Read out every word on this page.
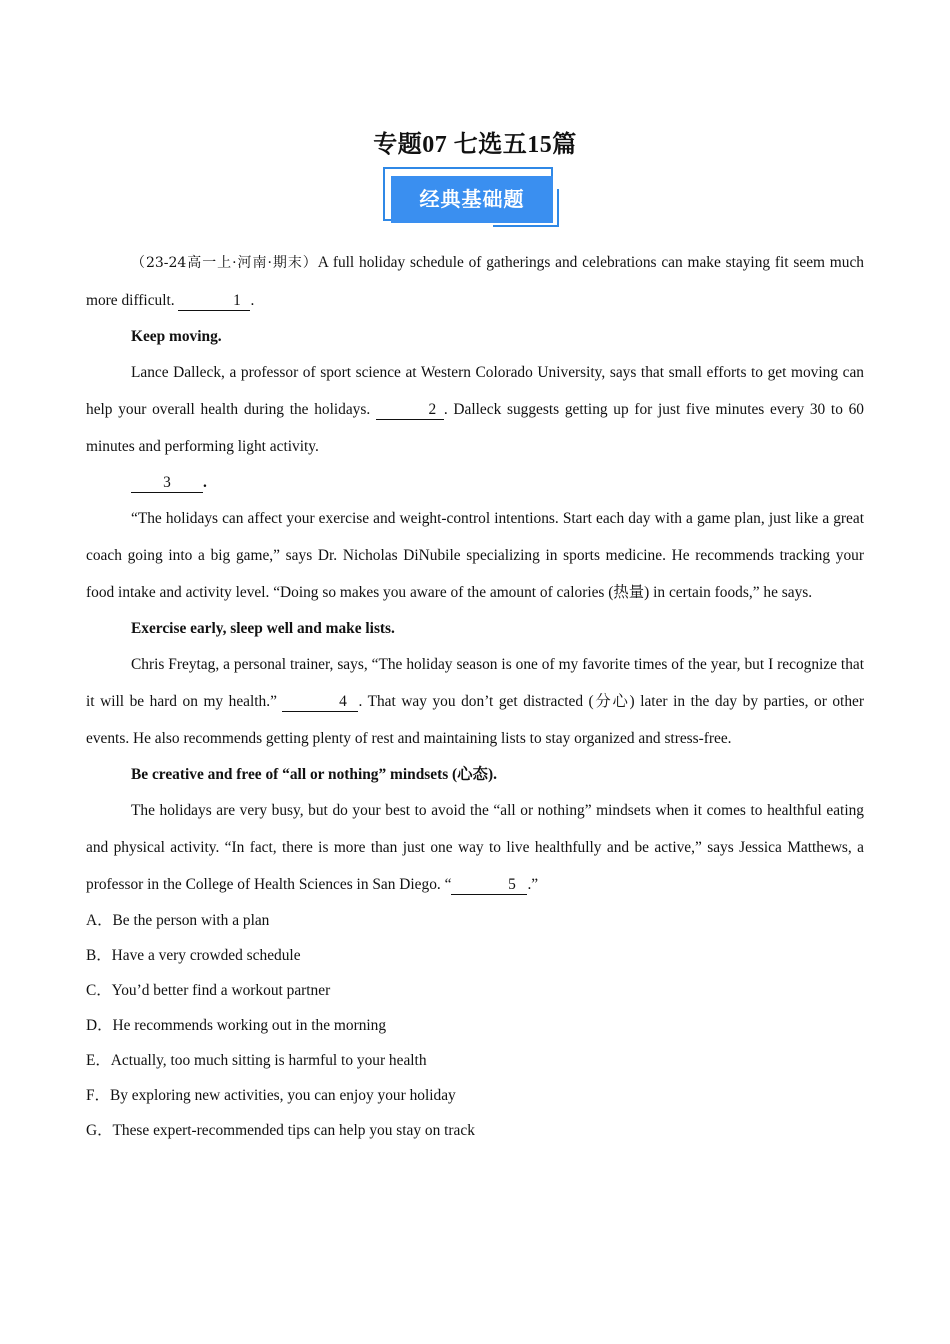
专题07 七选五15篇
经典基础题

（23-24高一上·河南·期末）A full holiday schedule of gatherings and celebrations can make staying fit seem much more difficult.	1 .

Keep moving.

Lance Dalleck, a professor of sport science at Western Colorado University, says that small efforts to get moving can help your overall health during the holidays.	2 . Dalleck suggests getting up for just five minutes every 30 to 60 minutes and performing light activity.

3 .

“The holidays can affect your exercise and weight-control intentions. Start each day with a game plan, just like a great coach going into a big game,” says Dr. Nicholas DiNubile specializing in sports medicine. He recommends tracking your food intake and activity level. “Doing so makes you aware of the amount of calories (热量) in certain foods,” he says.

Exercise early, sleep well and make lists.

Chris Freytag, a personal trainer, says, “The holiday season is one of my favorite times of the year, but I recognize that it will be hard on my health.”	4 . That way you don’t get distracted (分心) later in the day by parties, or other events. He also recommends getting plenty of rest and maintaining lists to stay organized and stress-free.

Be creative and free of “all or nothing” mindsets (心态).

The holidays are very busy, but do your best to avoid the “all or nothing” mindsets when it comes to healthful eating and physical activity. “In fact, there is more than just one way to live healthfully and be active,” says Jessica Matthews, a professor in the College of Health Sciences in San Diego. “	5 .”

A．Be the person with a plan

B．Have a very crowded schedule

C．You’d better find a workout partner

D．He recommends working out in the morning

E．Actually, too much sitting is harmful to your health

F．By exploring new activities, you can enjoy your holiday

G．These expert-recommended tips can help you stay on track
